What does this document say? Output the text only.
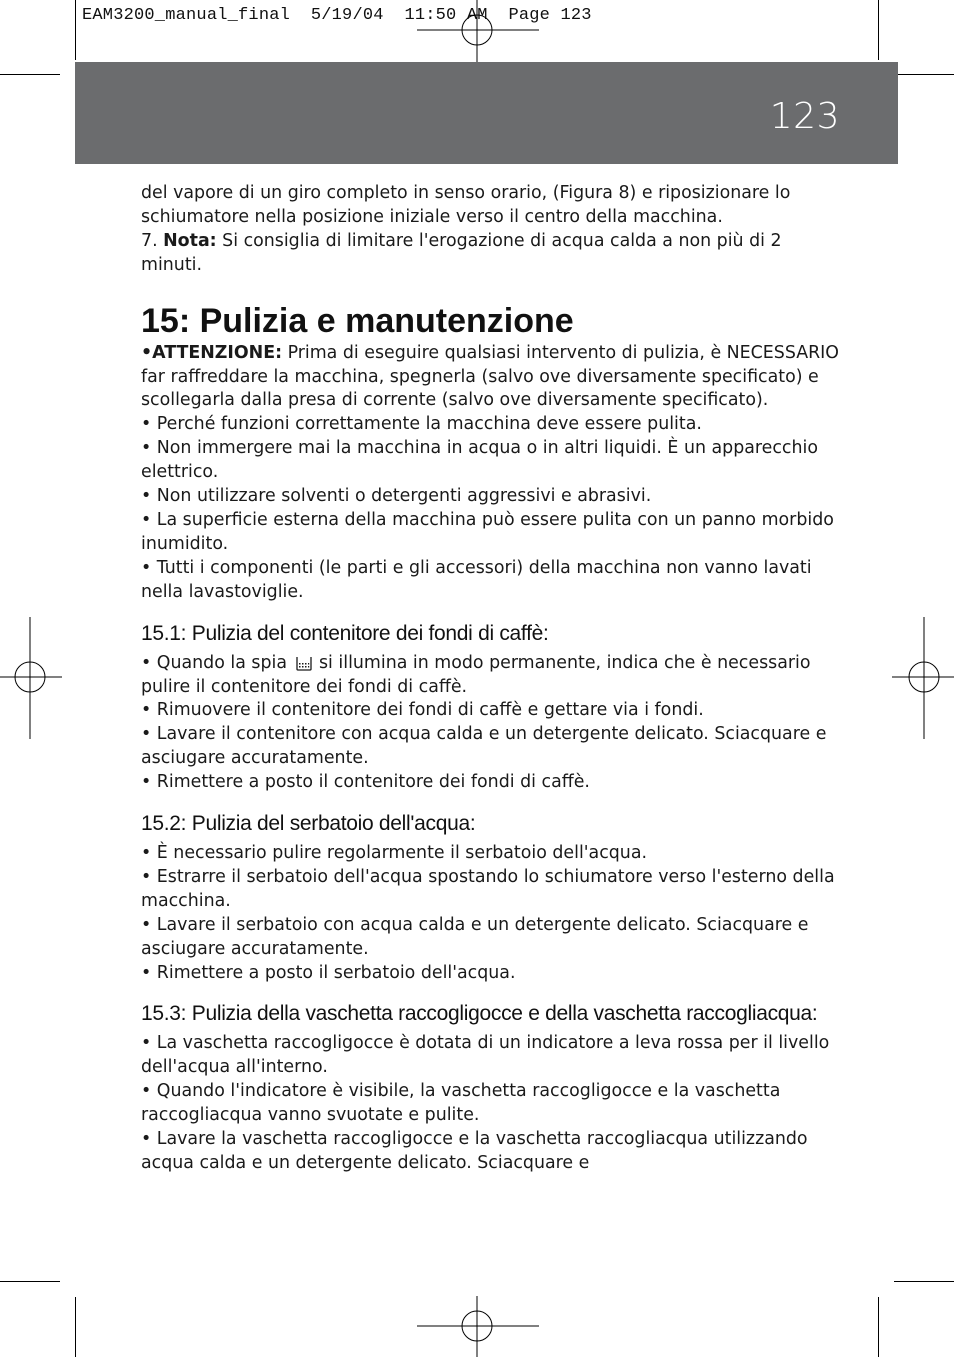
EAM3200_manual_final  5/19/04  11:50 AM  Page 123
123

del vapore di un giro completo in senso orario, (Figura 8) e riposizionare lo schiumatore nella posizione iniziale verso il centro della macchina.

7. Nota: Si consiglia di limitare l'erogazione di acqua calda a non più di 2 minuti.

15: Pulizia e manutenzione

•ATTENZIONE: Prima di eseguire qualsiasi intervento di pulizia, è NECESSARIO far raffreddare la macchina, spegnerla (salvo ove diversamente specificato) e scollegarla dalla presa di corrente (salvo ove diversamente specificato).

• Perché funzioni correttamente la macchina deve essere pulita.

• Non immergere mai la macchina in acqua o in altri liquidi. È un apparecchio elettrico.

• Non utilizzare solventi o detergenti aggressivi e abrasivi.

• La superficie esterna della macchina può essere pulita con un panno morbido inumidito.

• Tutti i componenti (le parti e gli accessori) della macchina non vanno lavati nella lavastoviglie.

15.1: Pulizia del contenitore dei fondi di caffè:

• Quando la spia si illumina in modo permanente, indica che è necessario pulire il contenitore dei fondi di caffè.

• Rimuovere il contenitore dei fondi di caffè e gettare via i fondi.

• Lavare il contenitore con acqua calda e un detergente delicato. Sciacquare e asciugare accuratamente.

• Rimettere a posto il contenitore dei fondi di caffè.

15.2: Pulizia del serbatoio dell'acqua:

• È necessario pulire regolarmente il serbatoio dell'acqua.

• Estrarre il serbatoio dell'acqua spostando lo schiumatore verso l'esterno della macchina.

• Lavare il serbatoio con acqua calda e un detergente delicato. Sciacquare e asciugare accuratamente.

• Rimettere a posto il serbatoio dell'acqua.

15.3: Pulizia della vaschetta raccogligocce e della vaschetta raccogliacqua:

• La vaschetta raccogligocce è dotata di un indicatore a leva rossa per il livello dell'acqua all'interno.

• Quando l'indicatore è visibile, la vaschetta raccogligocce e la vaschetta raccogliacqua vanno svuotate e pulite.

• Lavare la vaschetta raccogligocce e la vaschetta raccogliacqua utilizzando acqua calda e un detergente delicato. Sciacquare e
